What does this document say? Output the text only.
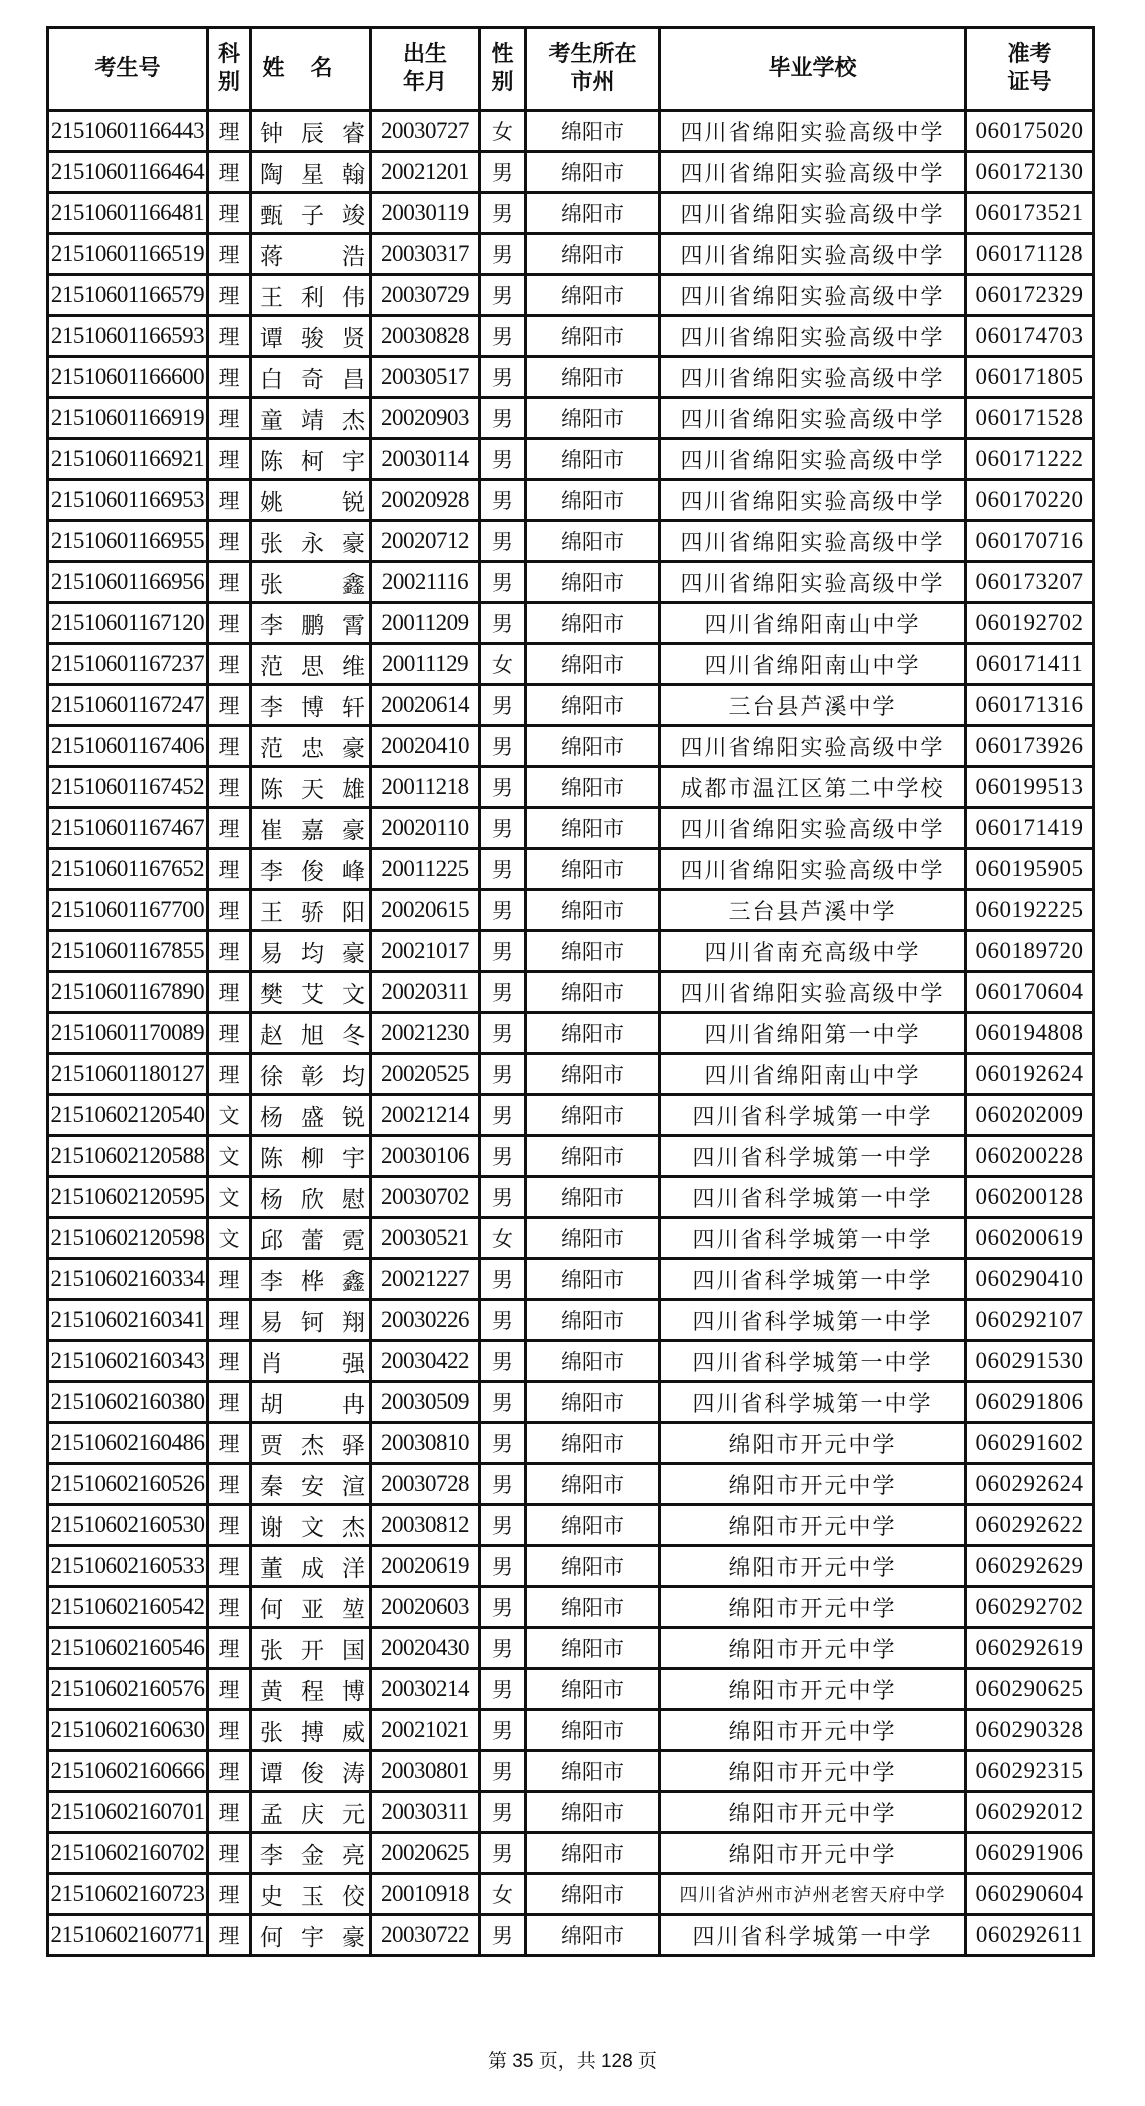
考生号	科别	姓名	出生年月	性别	考生所在市州	毕业学校	准考证号

21510601166443	理	钟辰睿	20030727	女	绵阳市	四川省绵阳实验高级中学	060175020
21510601166464	理	陶星翰	20021201	男	绵阳市	四川省绵阳实验高级中学	060172130
21510601166481	理	甄子竣	20030119	男	绵阳市	四川省绵阳实验高级中学	060173521
21510601166519	理	蒋 浩	20030317	男	绵阳市	四川省绵阳实验高级中学	060171128
21510601166579	理	王利伟	20030729	男	绵阳市	四川省绵阳实验高级中学	060172329
21510601166593	理	谭骏贤	20030828	男	绵阳市	四川省绵阳实验高级中学	060174703
21510601166600	理	白奇昌	20030517	男	绵阳市	四川省绵阳实验高级中学	060171805
21510601166919	理	童靖杰	20020903	男	绵阳市	四川省绵阳实验高级中学	060171528
21510601166921	理	陈柯宇	20030114	男	绵阳市	四川省绵阳实验高级中学	060171222
21510601166953	理	姚 锐	20020928	男	绵阳市	四川省绵阳实验高级中学	060170220
21510601166955	理	张永豪	20020712	男	绵阳市	四川省绵阳实验高级中学	060170716
21510601166956	理	张 鑫	20021116	男	绵阳市	四川省绵阳实验高级中学	060173207
21510601167120	理	李鹏霄	20011209	男	绵阳市	四川省绵阳南山中学	060192702
21510601167237	理	范思维	20011129	女	绵阳市	四川省绵阳南山中学	060171411
21510601167247	理	李博轩	20020614	男	绵阳市	三台县芦溪中学	060171316
21510601167406	理	范忠豪	20020410	男	绵阳市	四川省绵阳实验高级中学	060173926
21510601167452	理	陈天雄	20011218	男	绵阳市	成都市温江区第二中学校	060199513
21510601167467	理	崔嘉豪	20020110	男	绵阳市	四川省绵阳实验高级中学	060171419
21510601167652	理	李俊峰	20011225	男	绵阳市	四川省绵阳实验高级中学	060195905
21510601167700	理	王骄阳	20020615	男	绵阳市	三台县芦溪中学	060192225
21510601167855	理	易均豪	20021017	男	绵阳市	四川省南充高级中学	060189720
21510601167890	理	樊艾文	20020311	男	绵阳市	四川省绵阳实验高级中学	060170604
21510601170089	理	赵旭冬	20021230	男	绵阳市	四川省绵阳第一中学	060194808
21510601180127	理	徐彰均	20020525	男	绵阳市	四川省绵阳南山中学	060192624
21510602120540	文	杨盛锐	20021214	男	绵阳市	四川省科学城第一中学	060202009
21510602120588	文	陈柳宇	20030106	男	绵阳市	四川省科学城第一中学	060200228
21510602120595	文	杨欣慰	20030702	男	绵阳市	四川省科学城第一中学	060200128
21510602120598	文	邱蕾霓	20030521	女	绵阳市	四川省科学城第一中学	060200619
21510602160334	理	李桦鑫	20021227	男	绵阳市	四川省科学城第一中学	060290410
21510602160341	理	易钶翔	20030226	男	绵阳市	四川省科学城第一中学	060292107
21510602160343	理	肖 强	20030422	男	绵阳市	四川省科学城第一中学	060291530
21510602160380	理	胡 冉	20030509	男	绵阳市	四川省科学城第一中学	060291806
21510602160486	理	贾杰驿	20030810	男	绵阳市	绵阳市开元中学	060291602
21510602160526	理	秦安渲	20030728	男	绵阳市	绵阳市开元中学	060292624
21510602160530	理	谢文杰	20030812	男	绵阳市	绵阳市开元中学	060292622
21510602160533	理	董成洋	20020619	男	绵阳市	绵阳市开元中学	060292629
21510602160542	理	何亚堃	20020603	男	绵阳市	绵阳市开元中学	060292702
21510602160546	理	张开国	20020430	男	绵阳市	绵阳市开元中学	060292619
21510602160576	理	黄程博	20030214	男	绵阳市	绵阳市开元中学	060290625
21510602160630	理	张搏威	20021021	男	绵阳市	绵阳市开元中学	060290328
21510602160666	理	谭俊涛	20030801	男	绵阳市	绵阳市开元中学	060292315
21510602160701	理	孟庆元	20030311	男	绵阳市	绵阳市开元中学	060292012
21510602160702	理	李金亮	20020625	男	绵阳市	绵阳市开元中学	060291906
21510602160723	理	史玉佼	20010918	女	绵阳市	四川省泸州市泸州老窖天府中学	060290604
21510602160771	理	何宇豪	20030722	男	绵阳市	四川省科学城第一中学	060292611
第 35 页，共 128 页
